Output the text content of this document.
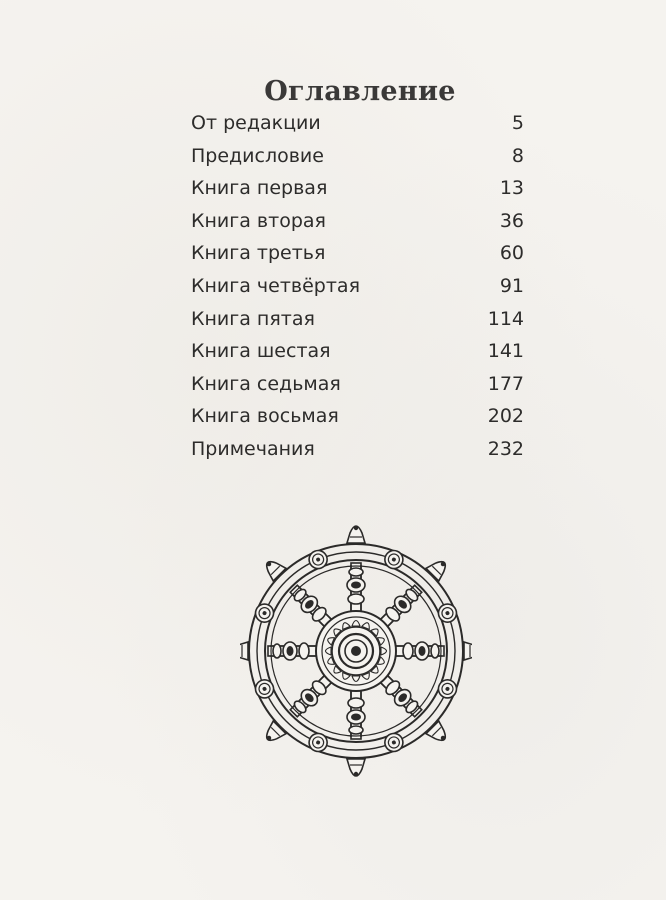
Оглавление
От редакции	5
Предисловие	8
Книга первая	13
Книга вторая	36
Книга третья	60
Книга четвёртая	91
Книга пятая	114
Книга шестая	141
Книга седьмая	177
Книга восьмая	202
Примечания	232
